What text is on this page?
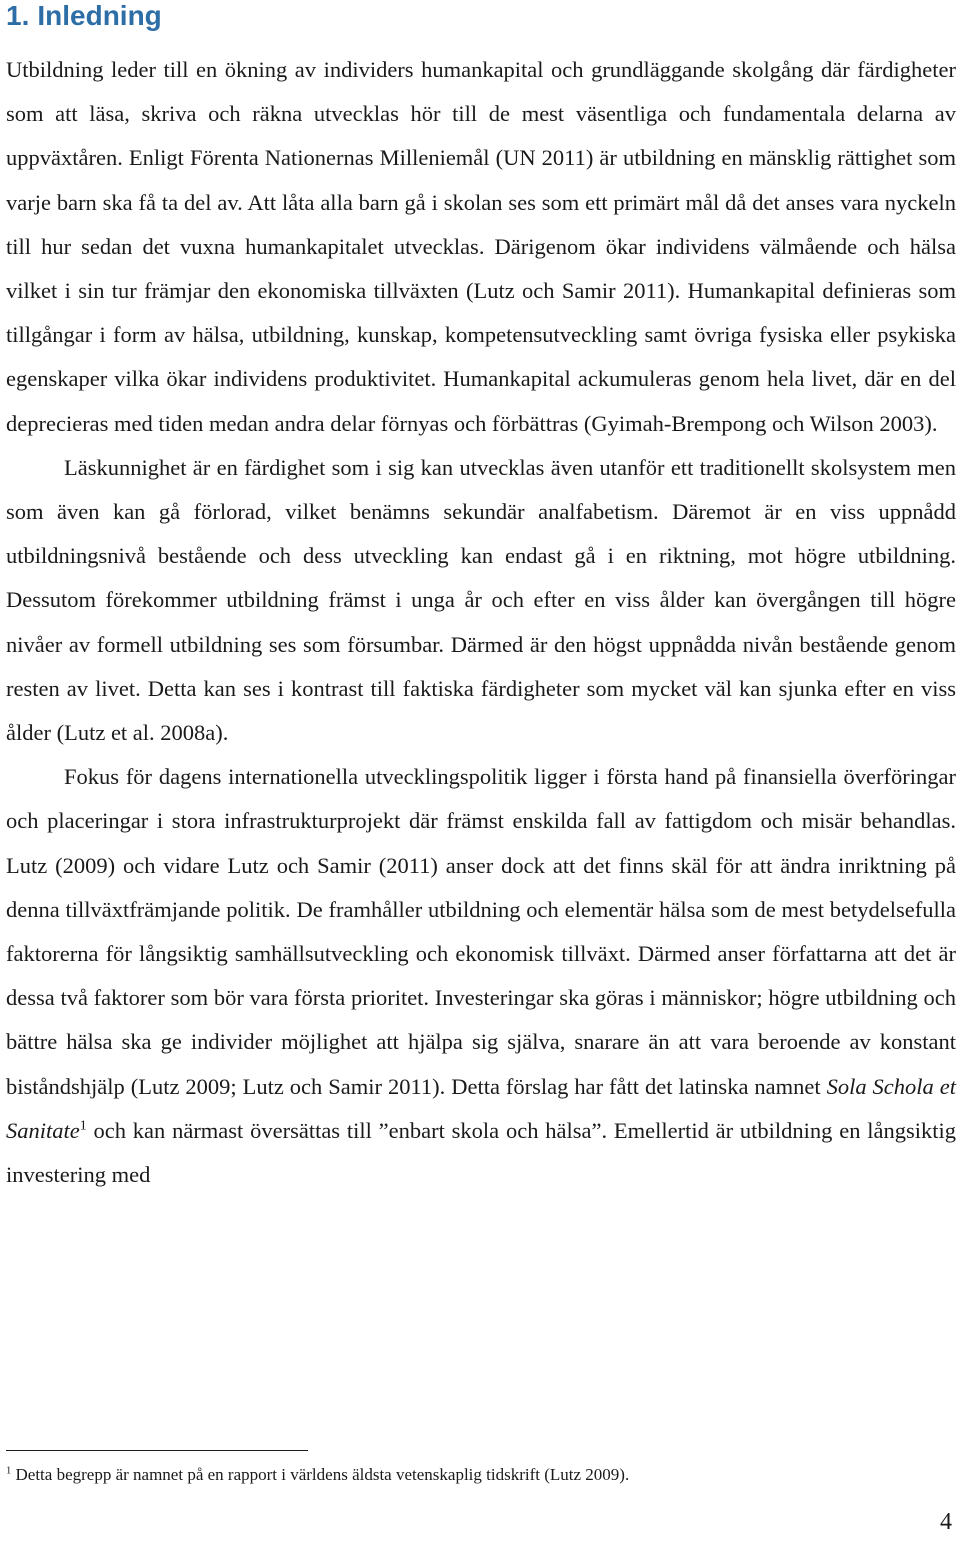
1. Inledning

Utbildning leder till en ökning av individers humankapital och grundläggande skolgång där färdigheter som att läsa, skriva och räkna utvecklas hör till de mest väsentliga och fundamentala delarna av uppväxtåren. Enligt Förenta Nationernas Milleniemål (UN 2011) är utbildning en mänsklig rättighet som varje barn ska få ta del av. Att låta alla barn gå i skolan ses som ett primärt mål då det anses vara nyckeln till hur sedan det vuxna humankapitalet utvecklas. Därigenom ökar individens välmående och hälsa vilket i sin tur främjar den ekonomiska tillväxten (Lutz och Samir 2011). Humankapital definieras som tillgångar i form av hälsa, utbildning, kunskap, kompetensutveckling samt övriga fysiska eller psykiska egenskaper vilka ökar individens produktivitet. Humankapital ackumuleras genom hela livet, där en del deprecieras med tiden medan andra delar förnyas och förbättras (Gyimah-Brempong och Wilson 2003).

Läskunnighet är en färdighet som i sig kan utvecklas även utanför ett traditionellt skolsystem men som även kan gå förlorad, vilket benämns sekundär analfabetism. Däremot är en viss uppnådd utbildningsnivå bestående och dess utveckling kan endast gå i en riktning, mot högre utbildning. Dessutom förekommer utbildning främst i unga år och efter en viss ålder kan övergången till högre nivåer av formell utbildning ses som försumbar. Därmed är den högst uppnådda nivån bestående genom resten av livet. Detta kan ses i kontrast till faktiska färdigheter som mycket väl kan sjunka efter en viss ålder (Lutz et al. 2008a).

Fokus för dagens internationella utvecklingspolitik ligger i första hand på finansiella överföringar och placeringar i stora infrastrukturprojekt där främst enskilda fall av fattigdom och misär behandlas. Lutz (2009) och vidare Lutz och Samir (2011) anser dock att det finns skäl för att ändra inriktning på denna tillväxtfrämjande politik. De framhåller utbildning och elementär hälsa som de mest betydelsefulla faktorerna för långsiktig samhällsutveckling och ekonomisk tillväxt. Därmed anser författarna att det är dessa två faktorer som bör vara första prioritet. Investeringar ska göras i människor; högre utbildning och bättre hälsa ska ge individer möjlighet att hjälpa sig själva, snarare än att vara beroende av konstant biståndshjälp (Lutz 2009; Lutz och Samir 2011). Detta förslag har fått det latinska namnet Sola Schola et Sanitate$^1$ och kan närmast översättas till ”enbart skola och hälsa”. Emellertid är utbildning en långsiktig investering med

$^1$ Detta begrepp är namnet på en rapport i världens äldsta vetenskaplig tidskrift (Lutz 2009).

4
